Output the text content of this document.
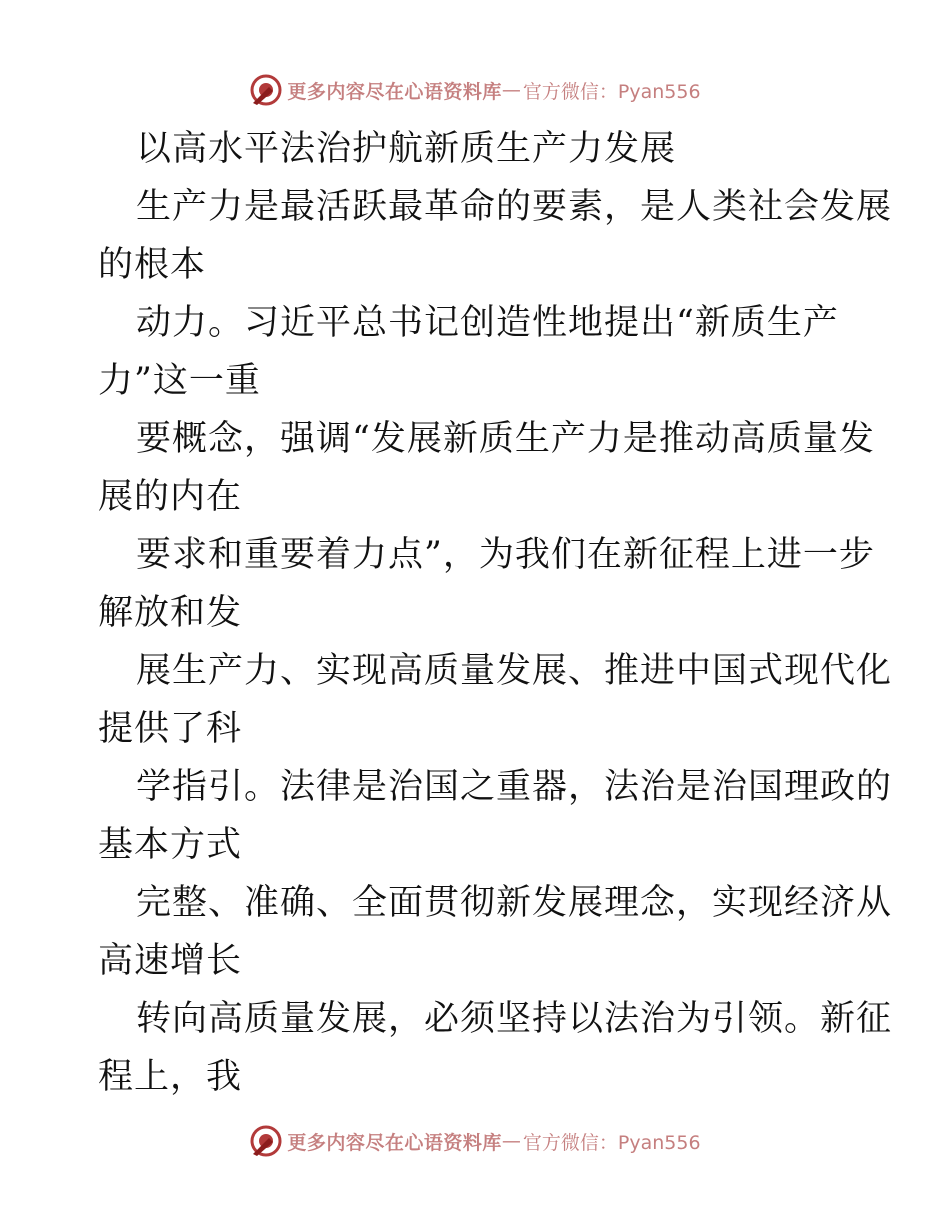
更多内容尽在心语资料库 — 官方微信：Pyan556
以高水平法治护航新质生产力发展
生产力是最活跃最革命的要素，是人类社会发展
的根本
动力。习近平总书记创造性地提出“新质生产
力”这一重
要概念，强调“发展新质生产力是推动高质量发
展的内在
要求和重要着力点”，为我们在新征程上进一步
解放和发
展生产力、实现高质量发展、推进中国式现代化
提供了科
学指引。法律是治国之重器，法治是治国理政的
基本方式
完整、准确、全面贯彻新发展理念，实现经济从
高速增长
转向高质量发展，必须坚持以法治为引领。新征
程上，我
更多内容尽在心语资料库 — 官方微信：Pyan556
